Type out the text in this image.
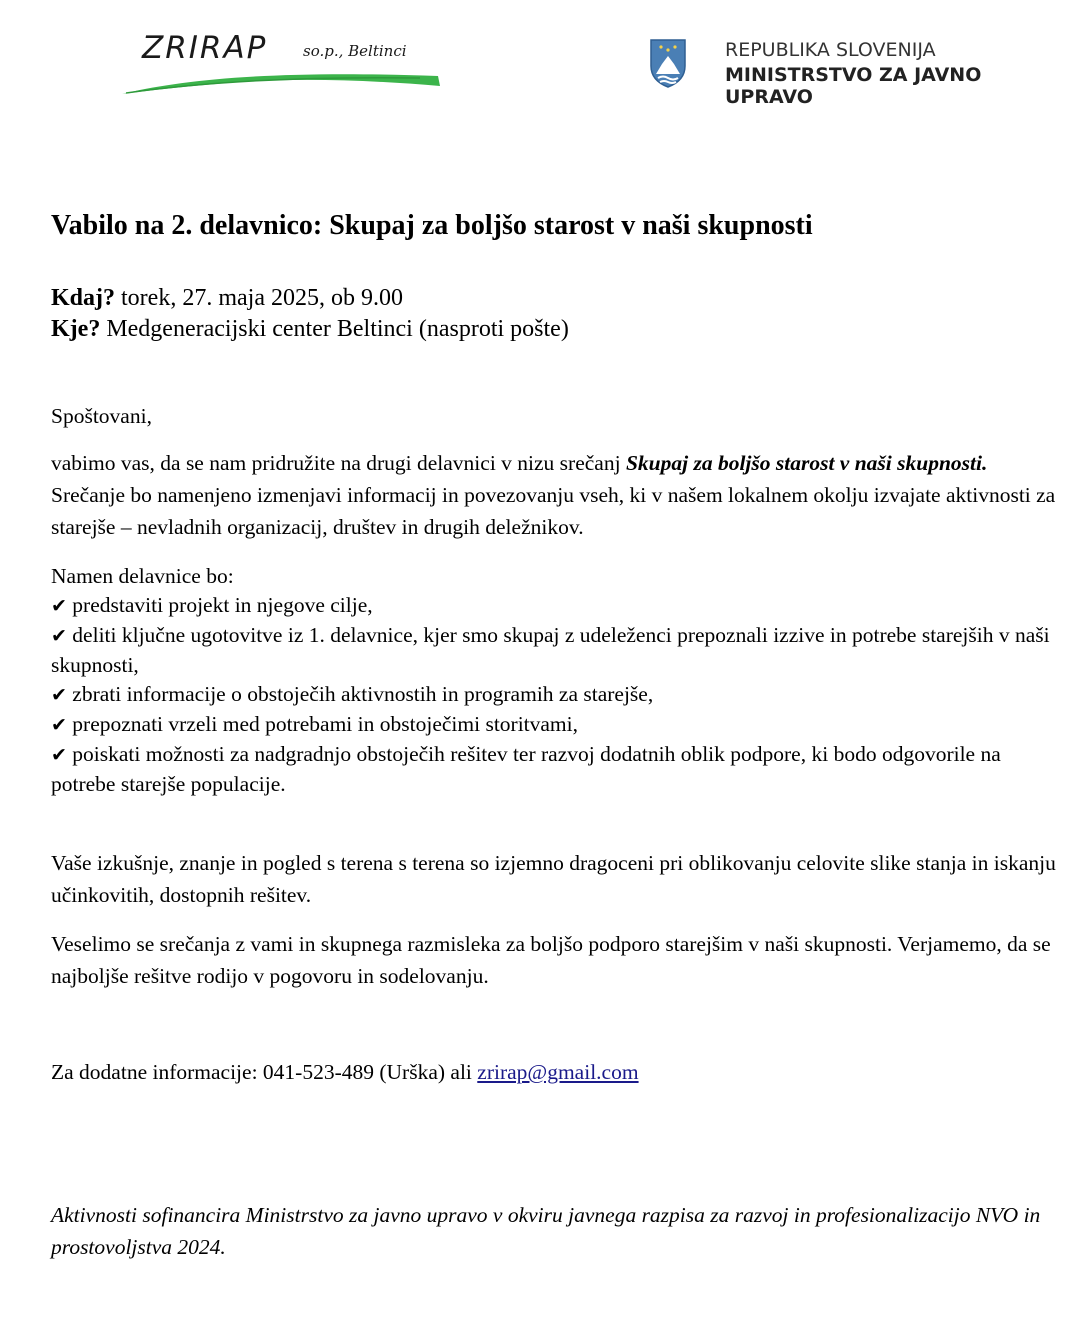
ZRIRAP so.p., Beltinci	REPUBLIKA SLOVENIJA
MINISTRSTVO ZA JAVNO UPRAVO
Vabilo na 2. delavnico: Skupaj za boljšo starost v naši skupnosti
Kdaj? torek, 27. maja 2025, ob 9.00
Kje? Medgeneracijski center Beltinci (nasproti pošte)
Spoštovani,
vabimo vas, da se nam pridružite na drugi delavnici v nizu srečanj Skupaj za boljšo starost v naši skupnosti. Srečanje bo namenjeno izmenjavi informacij in povezovanju vseh, ki v našem lokalnem okolju izvajate aktivnosti za starejše – nevladnih organizacij, društev in drugih deležnikov.
Namen delavnice bo:
✔ predstaviti projekt in njegove cilje,
✔ deliti ključne ugotovitve iz 1. delavnice, kjer smo skupaj z udeleženci prepoznali izzive in potrebe starejših v naši skupnosti,
✔ zbrati informacije o obstoječih aktivnostih in programih za starejše,
✔ prepoznati vrzeli med potrebami in obstoječimi storitvami,
✔ poiskati možnosti za nadgradnjo obstoječih rešitev ter razvoj dodatnih oblik podpore, ki bodo odgovorile na potrebe starejše populacije.
Vaše izkušnje, znanje in pogled s terena s terena so izjemno dragoceni pri oblikovanju celovite slike stanja in iskanju učinkovitih, dostopnih rešitev.
Veselimo se srečanja z vami in skupnega razmisleka za boljšo podporo starejšim v naši skupnosti. Verjamemo, da se najboljše rešitve rodijo v pogovoru in sodelovanju.
Za dodatne informacije: 041-523-489 (Urška) ali zrirap@gmail.com
Aktivnosti sofinancira Ministrstvo za javno upravo v okviru javnega razpisa za razvoj in profesionalizacijo NVO in prostovoljstva 2024.
